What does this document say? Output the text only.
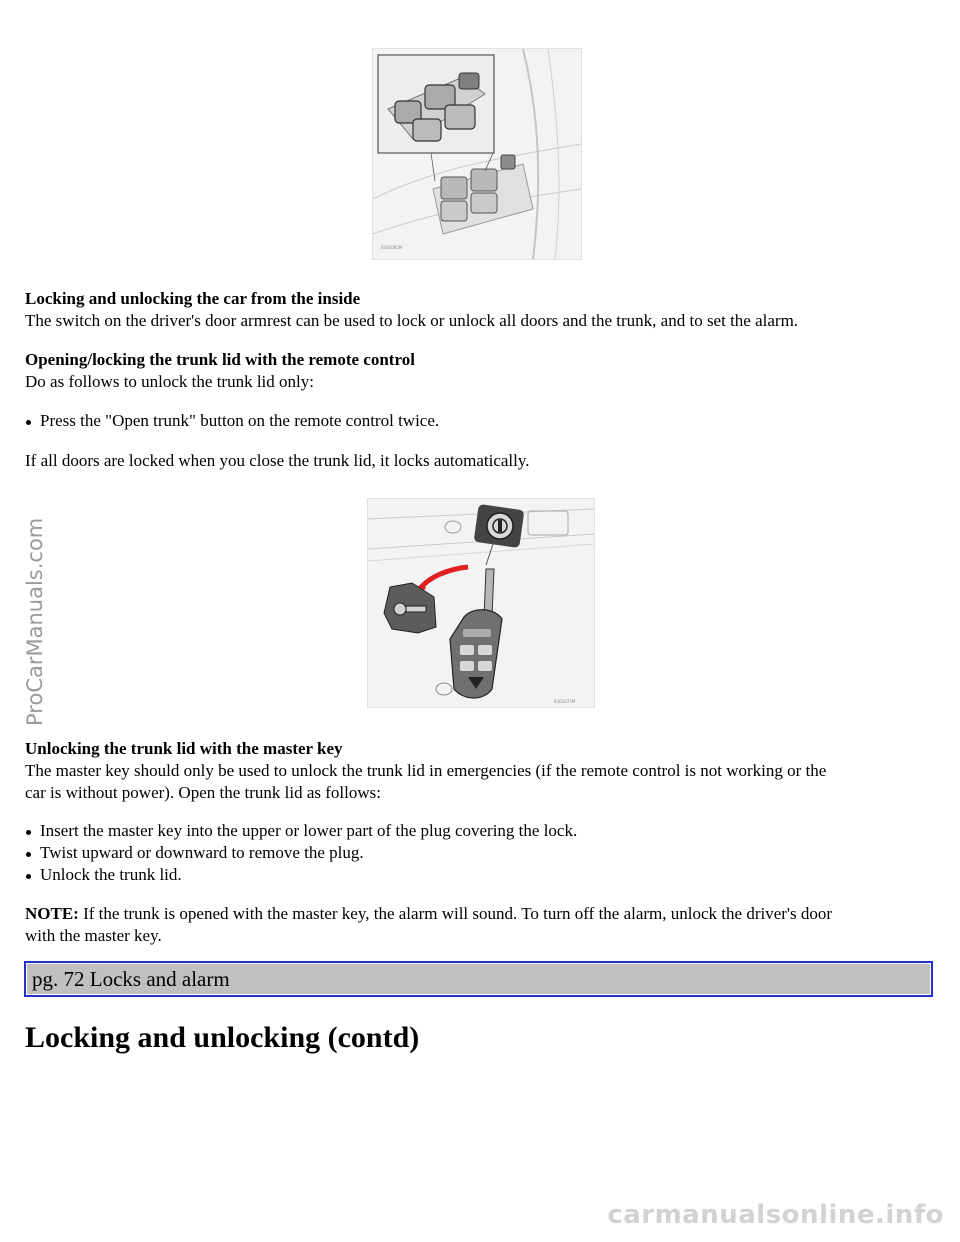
8301085M
Locking and unlocking the car from the inside
The switch on the driver's door armrest can be used to lock or unlock all doors and the trunk, and to set the alarm.
Opening/locking the trunk lid with the remote control
Do as follows to unlock the trunk lid only:
Press the "Open trunk" button on the remote control twice.
If all doors are locked when you close the trunk lid, it locks automatically.
8301073M
Unlocking the trunk lid with the master key
The master key should only be used to unlock the trunk lid in emergencies (if the remote control is not working or the
car is without power). Open the trunk lid as follows:
Insert the master key into the upper or lower part of the plug covering the lock.
Twist upward or downward to remove the plug.
Unlock the trunk lid.
NOTE: If the trunk is opened with the master key, the alarm will sound. To turn off the alarm, unlock the driver's door
with the master key.
pg. 72 Locks and alarm
Locking and unlocking (contd)
ProCarManuals.com
carmanualsonline.info
